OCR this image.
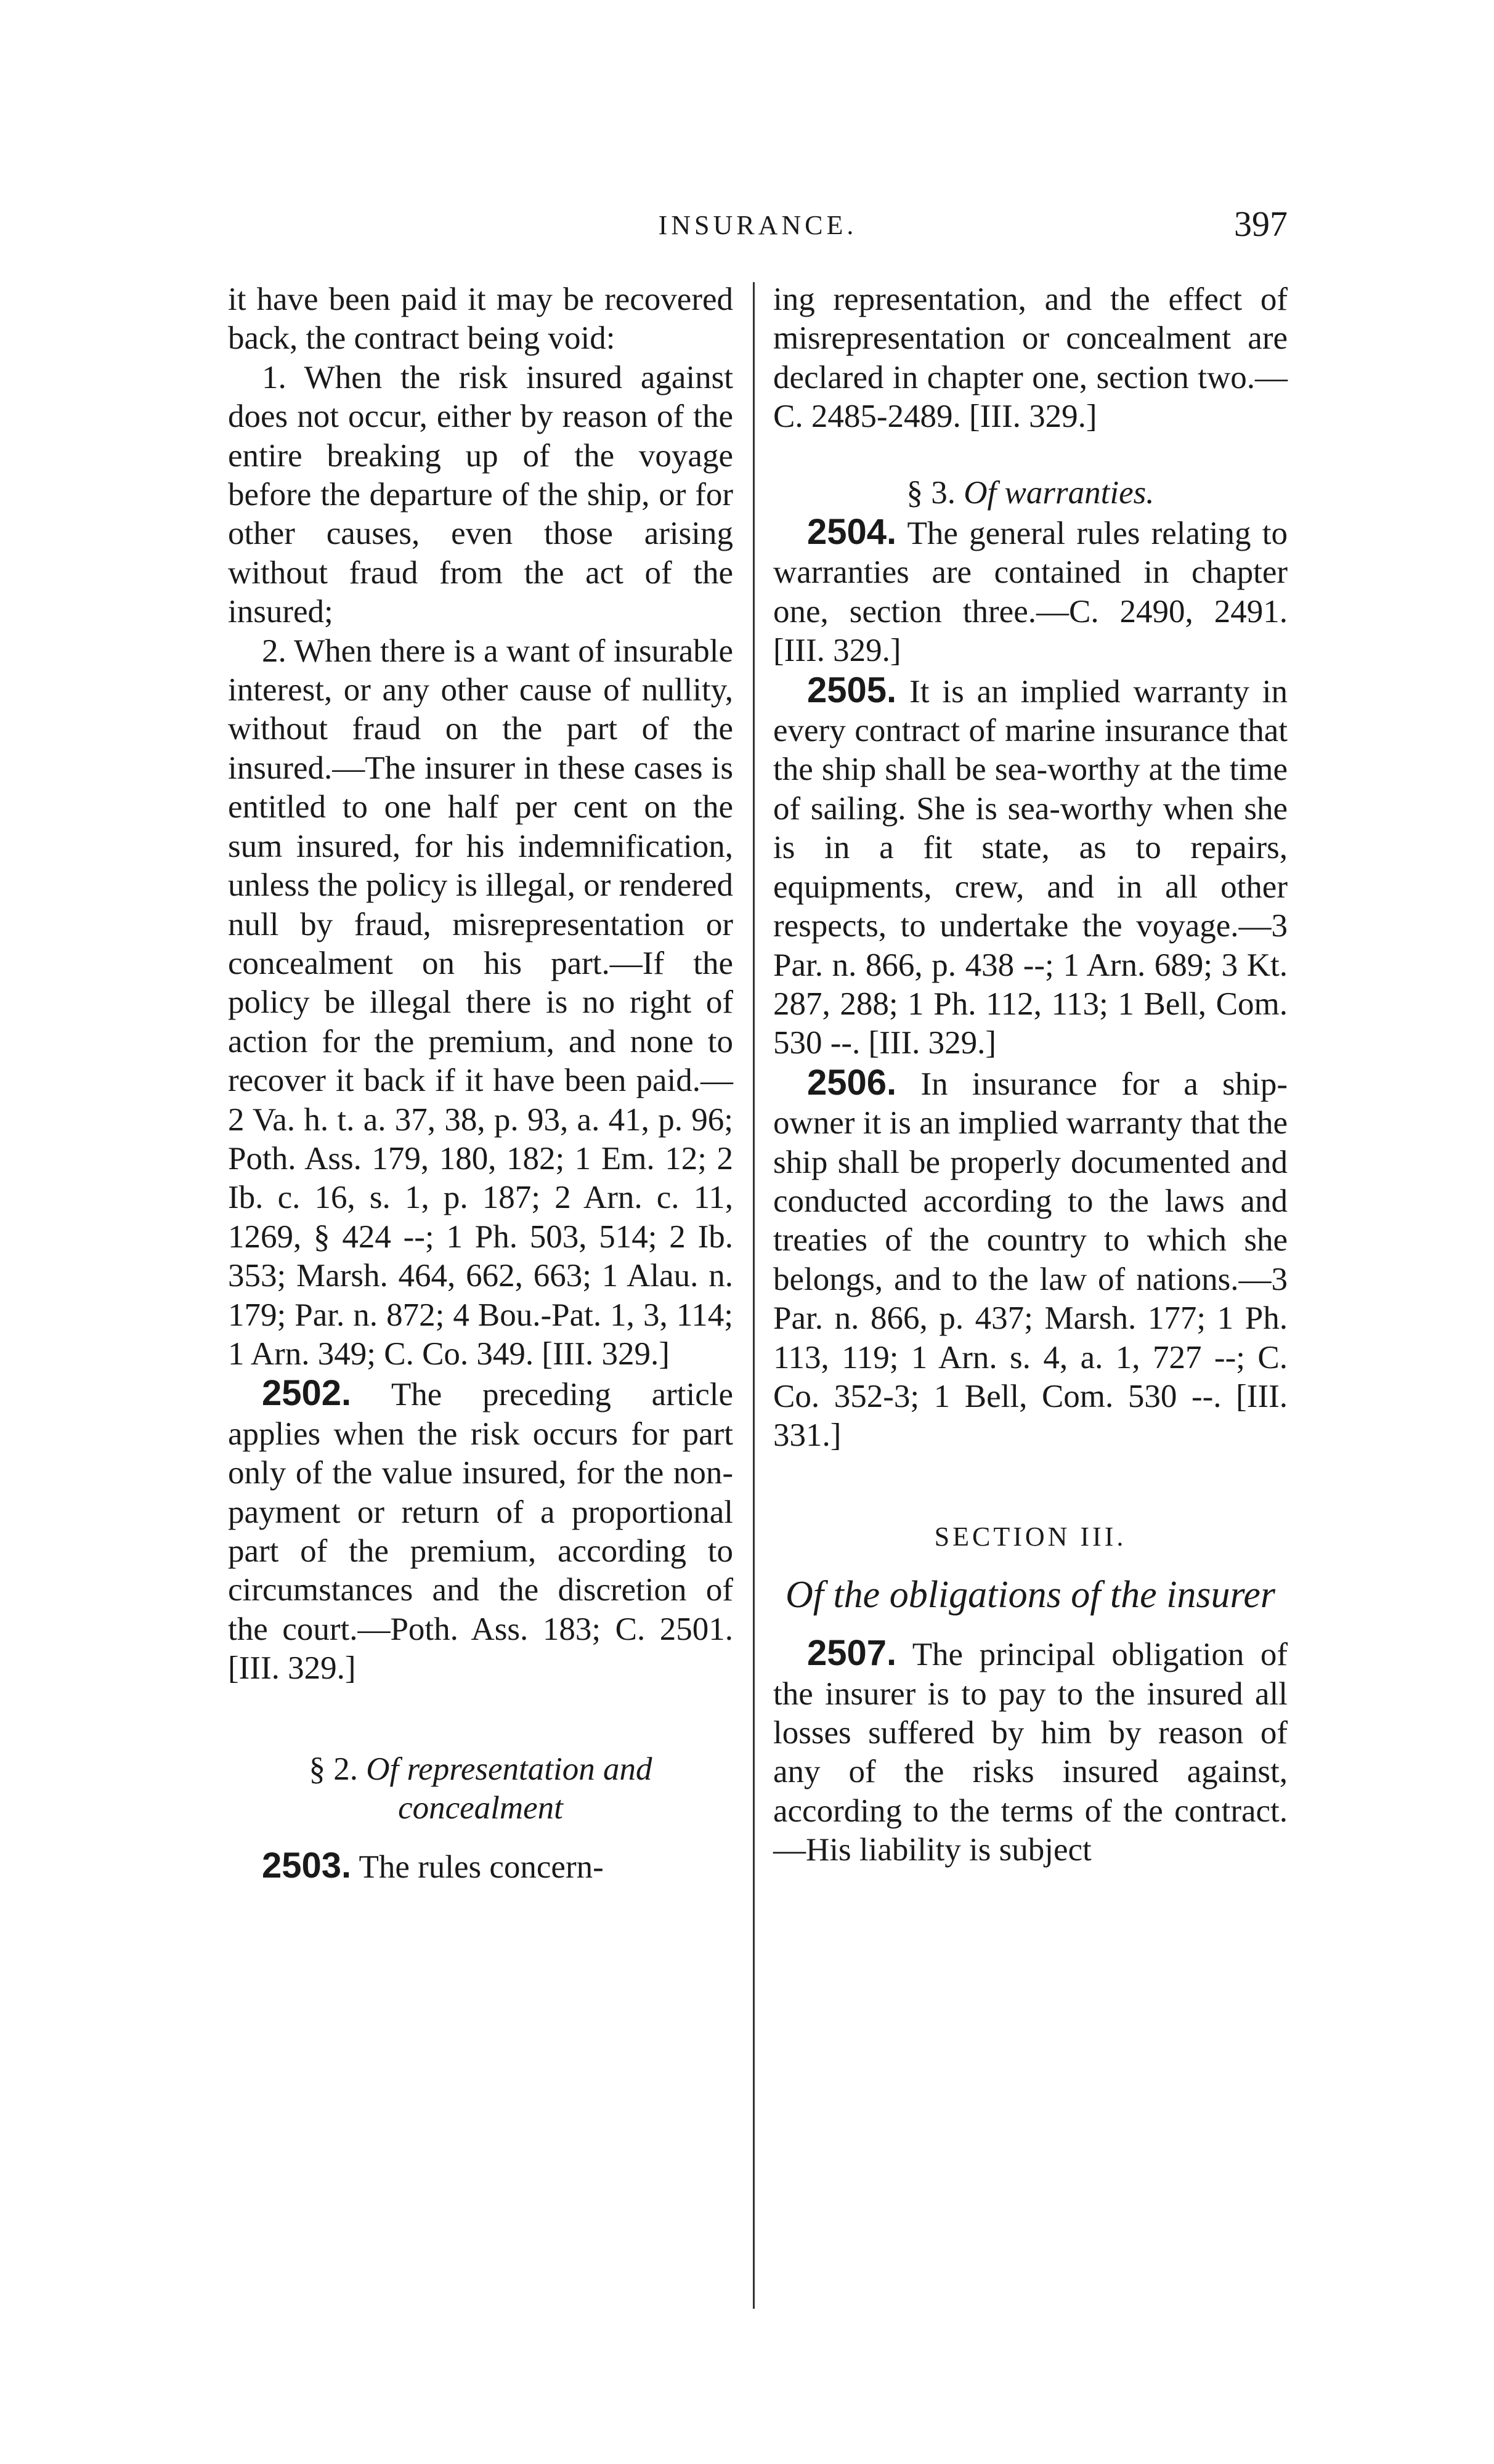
INSURANCE.	397

it have been paid it may be recovered back, the contract being void:

1. When the risk insured against does not occur, either by reason of the entire breaking up of the voyage before the departure of the ship, or for other causes, even those arising without fraud from the act of the insured;

2. When there is a want of insurable interest, or any other cause of nullity, without fraud on the part of the insured.—The insurer in these cases is entitled to one half per cent on the sum insured, for his indemnification, unless the policy is illegal, or rendered null by fraud, misrepresentation or concealment on his part.—If the policy be illegal there is no right of action for the premium, and none to recover it back if it have been paid.—2 Va. h. t. a. 37, 38, p. 93, a. 41, p. 96; Poth. Ass. 179, 180, 182; 1 Em. 12; 2 Ib. c. 16, s. 1, p. 187; 2 Arn. c. 11, 1269, § 424 --; 1 Ph. 503, 514; 2 Ib. 353; Marsh. 464, 662, 663; 1 Alau. n. 179; Par. n. 872; 4 Bou.-Pat. 1, 3, 114; 1 Arn. 349; C. Co. 349. [III. 329.]

2502. The preceding article applies when the risk occurs for part only of the value insured, for the non-payment or return of a proportional part of the premium, according to circumstances and the discretion of the court.—Poth. Ass. 183; C. 2501. [III. 329.]

§ 2. Of representation and concealment

2503. The rules concern-

ing representation, and the effect of misrepresentation or concealment are declared in chapter one, section two.—C. 2485-2489. [III. 329.]

§ 3. Of warranties.

2504. The general rules relating to warranties are contained in chapter one, section three.—C. 2490, 2491. [III. 329.]

2505. It is an implied warranty in every contract of marine insurance that the ship shall be sea-worthy at the time of sailing. She is sea-worthy when she is in a fit state, as to repairs, equipments, crew, and in all other respects, to undertake the voyage.—3 Par. n. 866, p. 438 --; 1 Arn. 689; 3 Kt. 287, 288; 1 Ph. 112, 113; 1 Bell, Com. 530 --. [III. 329.]

2506. In insurance for a ship-owner it is an implied warranty that the ship shall be properly documented and conducted according to the laws and treaties of the country to which she belongs, and to the law of nations.—3 Par. n. 866, p. 437; Marsh. 177; 1 Ph. 113, 119; 1 Arn. s. 4, a. 1, 727 --; C. Co. 352-3; 1 Bell, Com. 530 --. [III. 331.]

SECTION III.

Of the obligations of the insurer

2507. The principal obligation of the insurer is to pay to the insured all losses suffered by him by reason of any of the risks insured against, according to the terms of the contract.—His liability is subject
